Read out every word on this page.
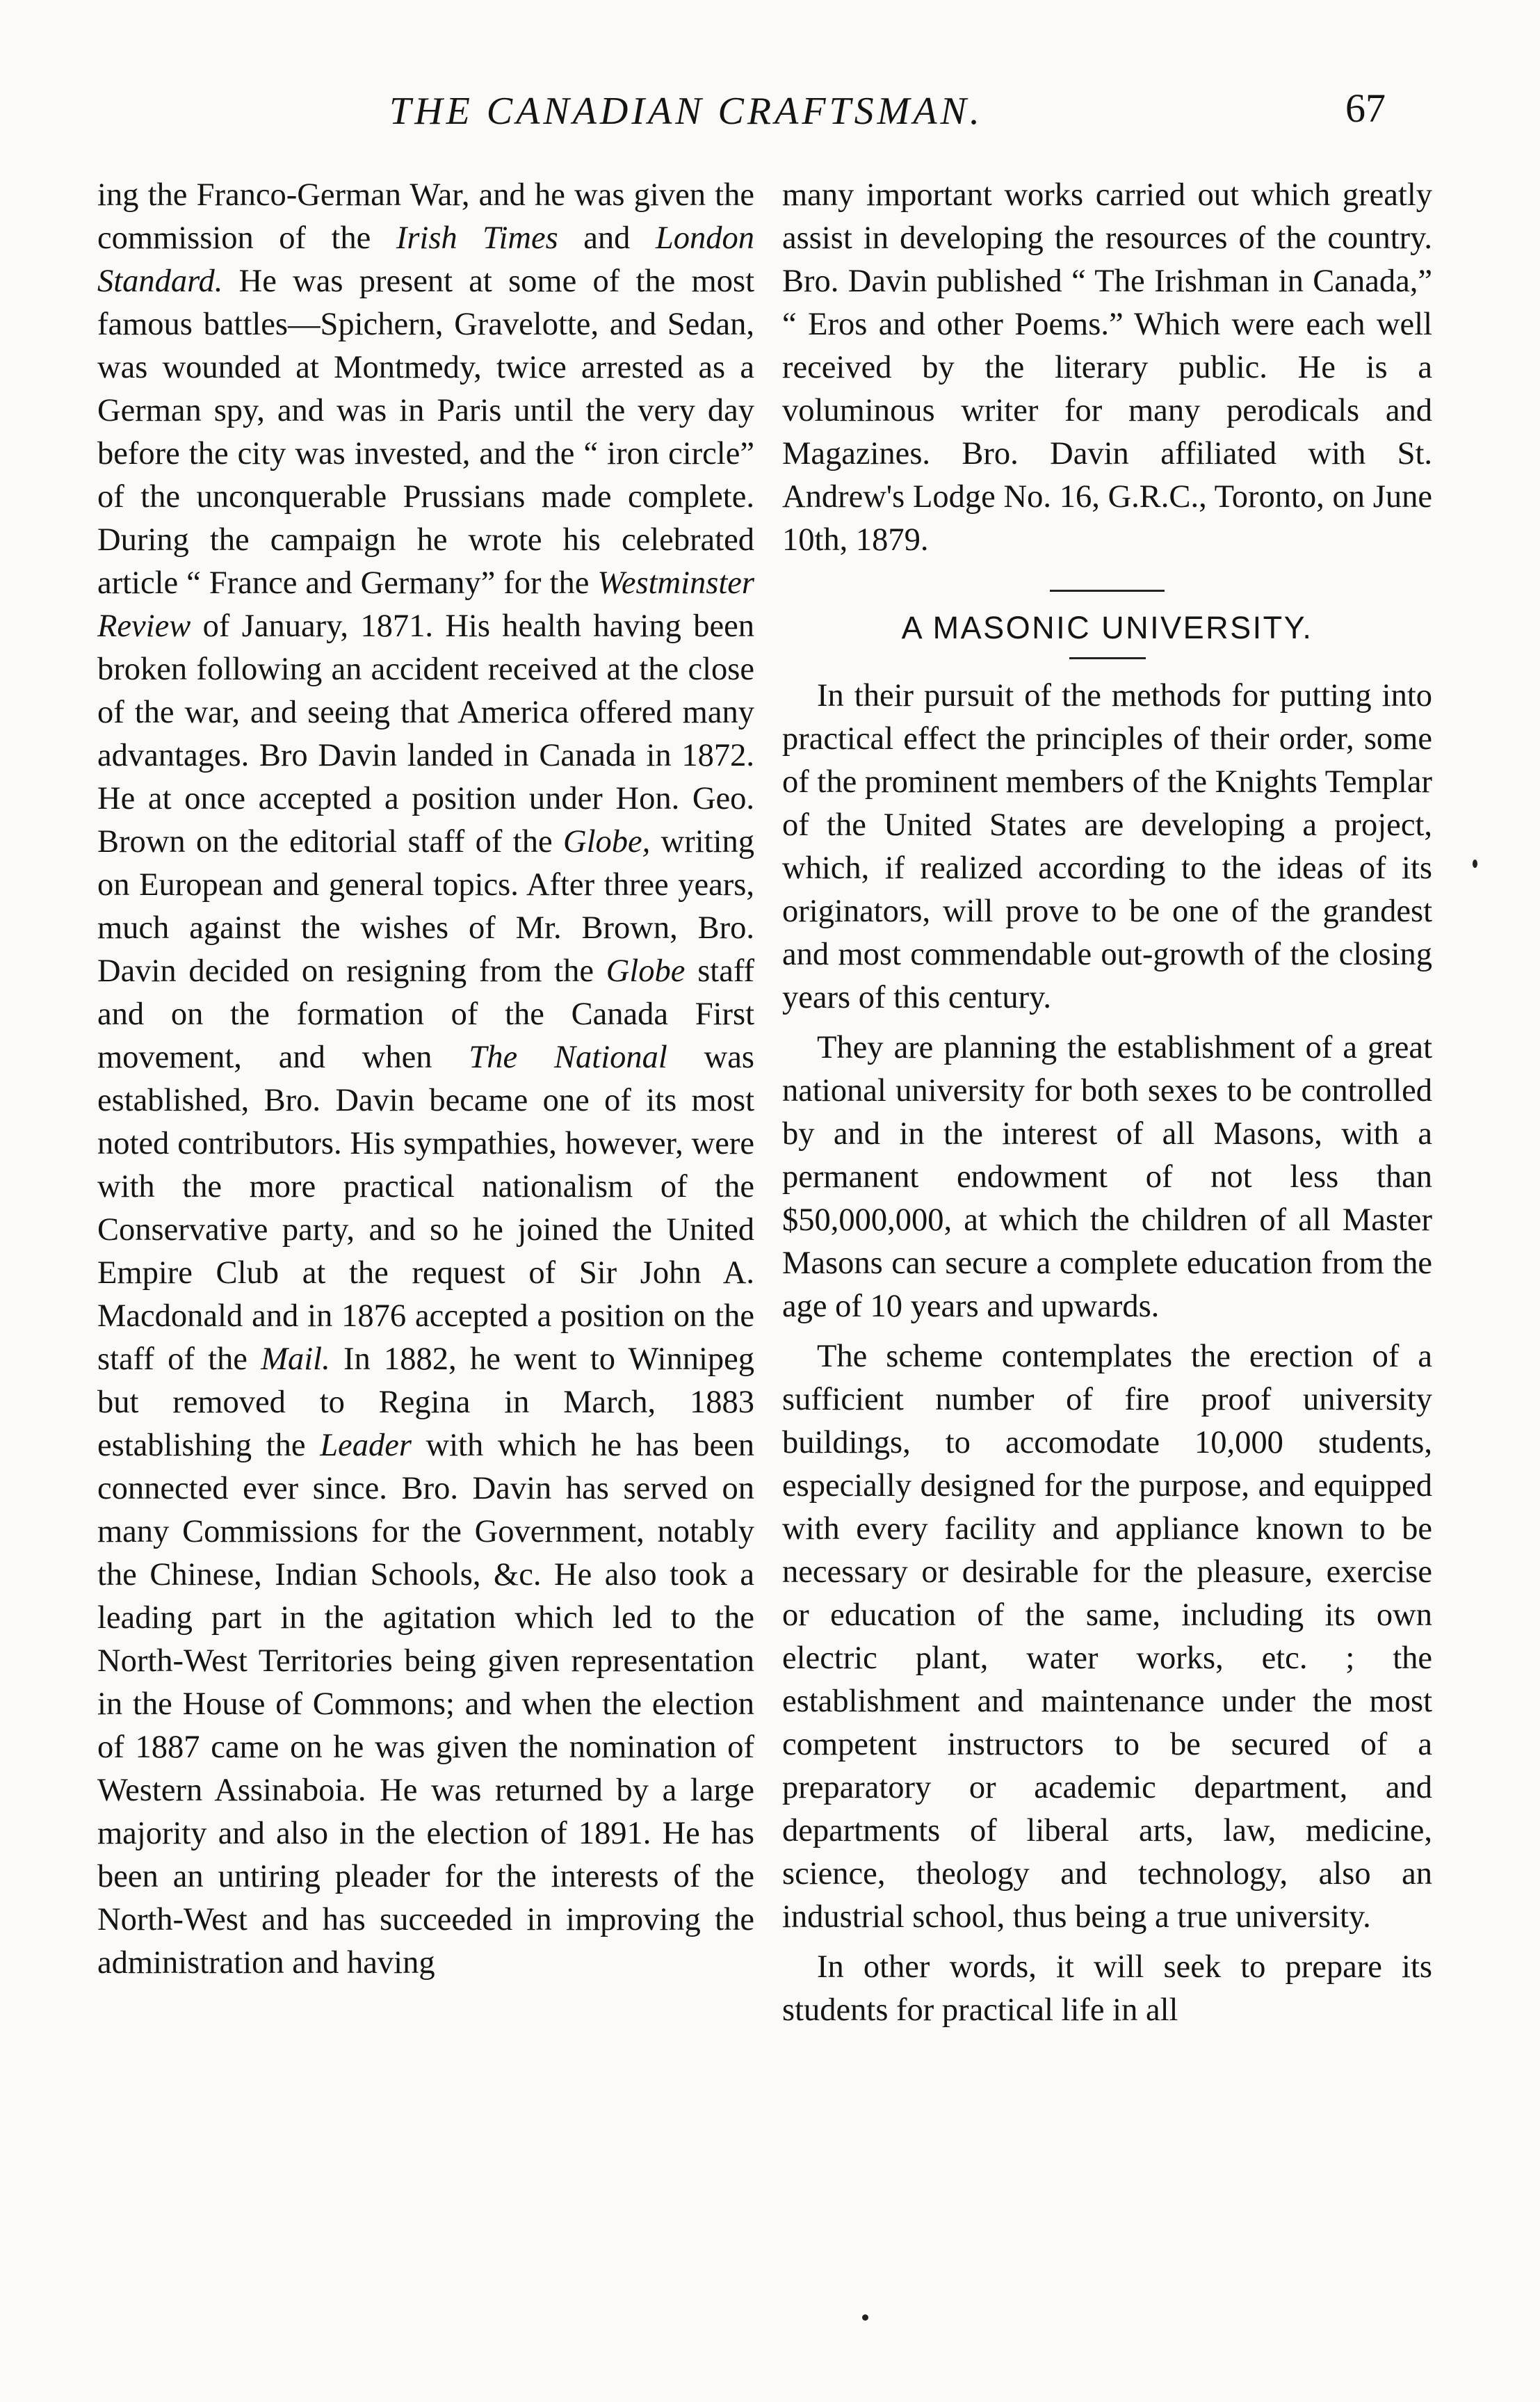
THE CANADIAN CRAFTSMAN.	67

ing the Franco-German War, and he was given the commission of the Irish Times and London Standard. He was present at some of the most famous battles—Spichern, Gravelotte, and Sedan, was wounded at Montmedy, twice arrested as a German spy, and was in Paris until the very day before the city was invested, and the “ iron circle” of the unconquerable Prussians made complete. During the campaign he wrote his celebrated article “ France and Germany” for the Westminster Review of January, 1871. His health having been broken following an accident received at the close of the war, and seeing that America offered many advantages. Bro Davin landed in Canada in 1872. He at once accepted a position under Hon. Geo. Brown on the editorial staff of the Globe, writing on European and general topics. After three years, much against the wishes of Mr. Brown, Bro. Davin decided on resigning from the Globe staff and on the formation of the Canada First movement, and when The National was established, Bro. Davin became one of its most noted contributors. His sympathies, however, were with the more practical nationalism of the Conservative party, and so he joined the United Empire Club at the request of Sir John A. Macdonald and in 1876 accepted a position on the staff of the Mail. In 1882, he went to Winnipeg but removed to Regina in March, 1883 establishing the Leader with which he has been connected ever since. Bro. Davin has served on many Commissions for the Government, notably the Chinese, Indian Schools, &c. He also took a leading part in the agitation which led to the North-West Territories being given representation in the House of Commons; and when the election of 1887 came on he was given the nomination of Western Assinaboia. He was returned by a large majority and also in the election of 1891. He has been an untiring pleader for the interests of the North-West and has succeeded in improving the administration and having

many important works carried out which greatly assist in developing the resources of the country. Bro. Davin published “ The Irishman in Canada,” “ Eros and other Poems.” Which were each well received by the literary public. He is a voluminous writer for many perodicals and Magazines. Bro. Davin affiliated with St. Andrew's Lodge No. 16, G.R.C., Toronto, on June 10th, 1879.

A MASONIC UNIVERSITY.

In their pursuit of the methods for putting into practical effect the principles of their order, some of the prominent members of the Knights Templar of the United States are developing a project, which, if realized according to the ideas of its originators, will prove to be one of the grandest and most commendable out-growth of the closing years of this century.

They are planning the establishment of a great national university for both sexes to be controlled by and in the interest of all Masons, with a permanent endowment of not less than $50,000,000, at which the children of all Master Masons can secure a complete education from the age of 10 years and upwards.

The scheme contemplates the erection of a sufficient number of fire proof university buildings, to accomodate 10,000 students, especially designed for the purpose, and equipped with every facility and appliance known to be necessary or desirable for the pleasure, exercise or education of the same, including its own electric plant, water works, etc. ; the establishment and maintenance under the most competent instructors to be secured of a preparatory or academic department, and departments of liberal arts, law, medicine, science, theology and technology, also an industrial school, thus being a true university.

In other words, it will seek to prepare its students for practical life in all
